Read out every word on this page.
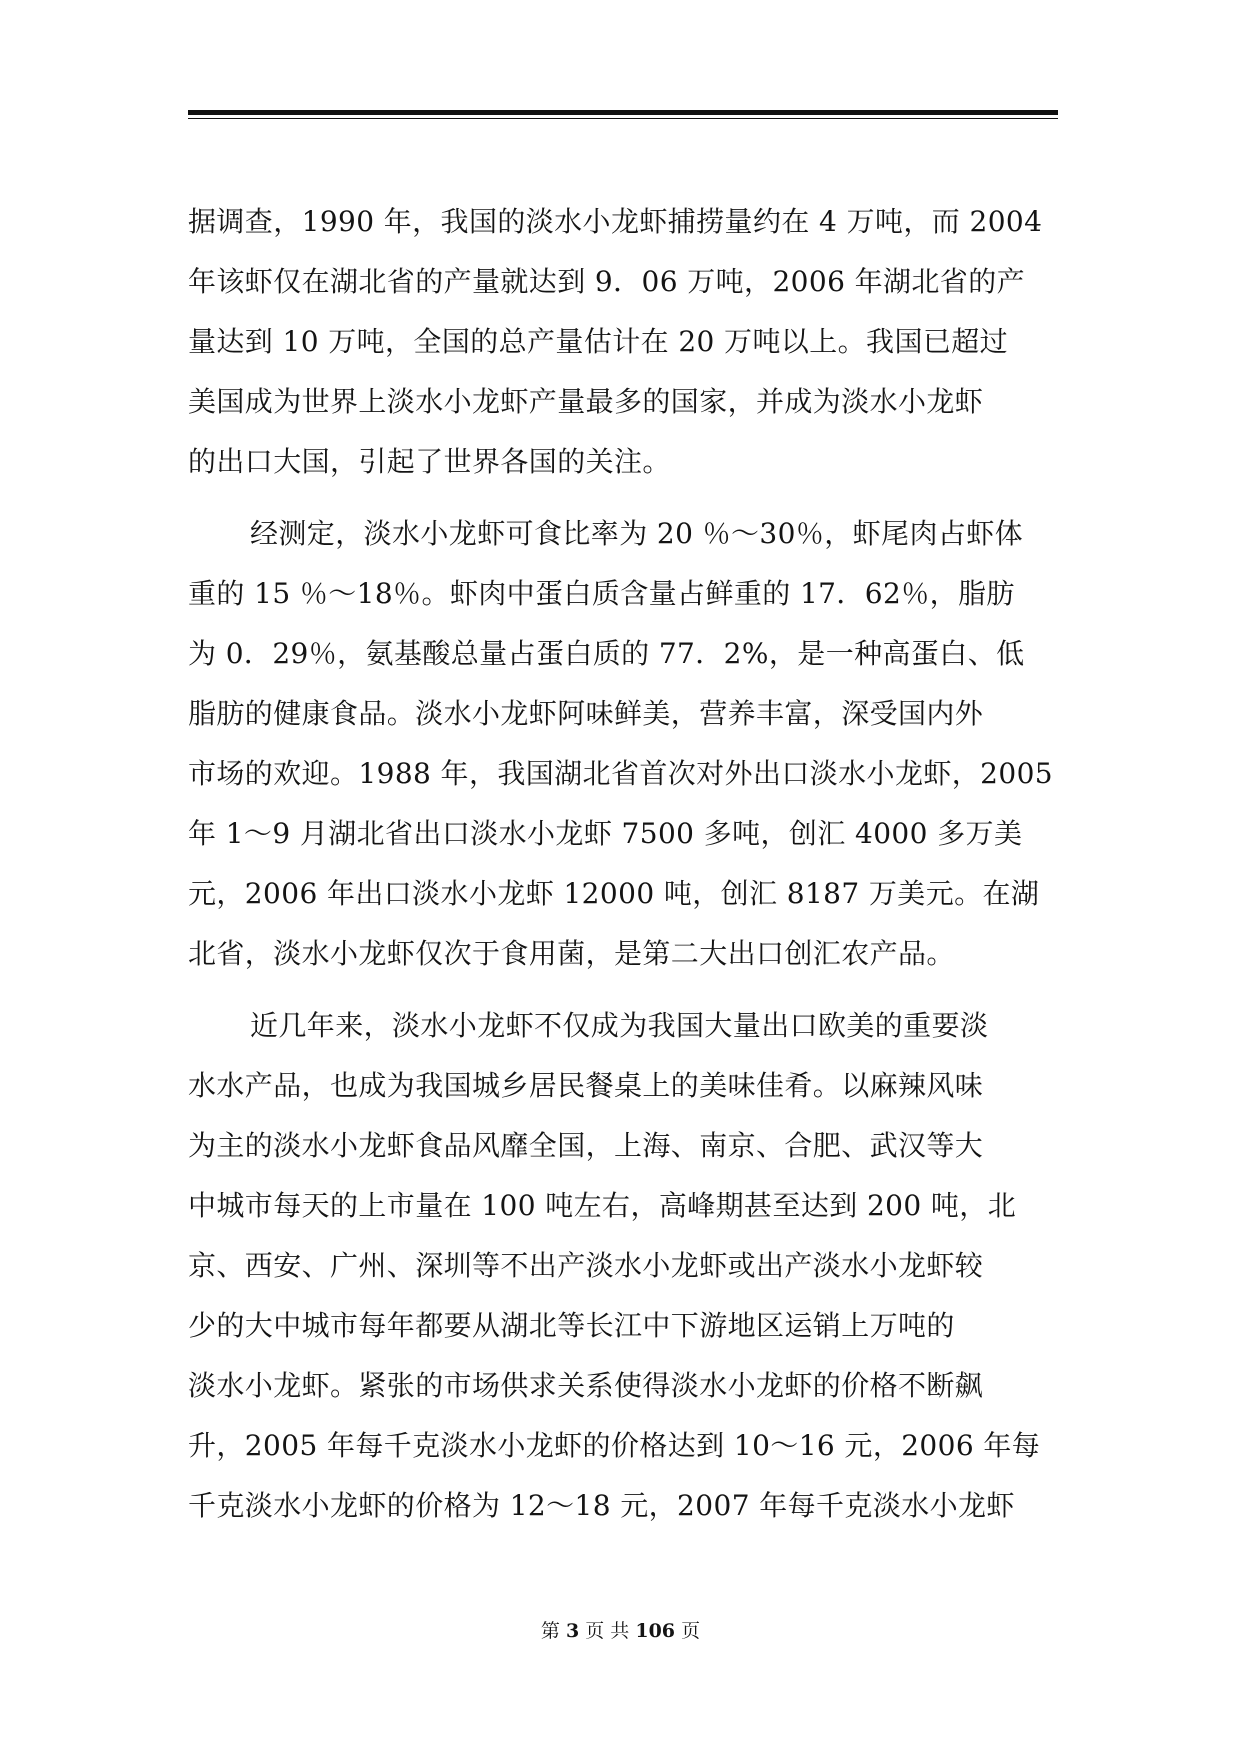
据调查，1990 年，我国的淡水小龙虾捕捞量约在 4 万吨，而 2004
年该虾仅在湖北省的产量就达到 9．06 万吨，2006 年湖北省的产
量达到 10 万吨，全国的总产量估计在 20 万吨以上。我国已超过
美国成为世界上淡水小龙虾产量最多的国家，并成为淡水小龙虾
的出口大国，引起了世界各国的关注。
经测定，淡水小龙虾可食比率为 20 ％～30％，虾尾肉占虾体
重的 15 ％～18％。虾肉中蛋白质含量占鲜重的 17．62％，脂肪
为 0．29％，氨基酸总量占蛋白质的 77．2%，是一种高蛋白、低
脂肪的健康食品。淡水小龙虾阿味鲜美，营养丰富，深受国内外
市场的欢迎。1988 年，我国湖北省首次对外出口淡水小龙虾，2005
年 1～9 月湖北省出口淡水小龙虾 7500 多吨，创汇 4000 多万美
元，2006 年出口淡水小龙虾 12000 吨，创汇 8187 万美元。在湖
北省，淡水小龙虾仅次于食用菌，是第二大出口创汇农产品。
近几年来，淡水小龙虾不仅成为我国大量出口欧美的重要淡
水水产品，也成为我国城乡居民餐桌上的美味佳肴。以麻辣风味
为主的淡水小龙虾食品风靡全国，上海、南京、合肥、武汉等大
中城市每天的上市量在 100 吨左右，高峰期甚至达到 200 吨，北
京、西安、广州、深圳等不出产淡水小龙虾或出产淡水小龙虾较
少的大中城市每年都要从湖北等长江中下游地区运销上万吨的
淡水小龙虾。紧张的市场供求关系使得淡水小龙虾的价格不断飙
升，2005 年每千克淡水小龙虾的价格达到 10～16 元，2006 年每
千克淡水小龙虾的价格为 12～18 元，2007 年每千克淡水小龙虾
第 3 页 共 106 页
